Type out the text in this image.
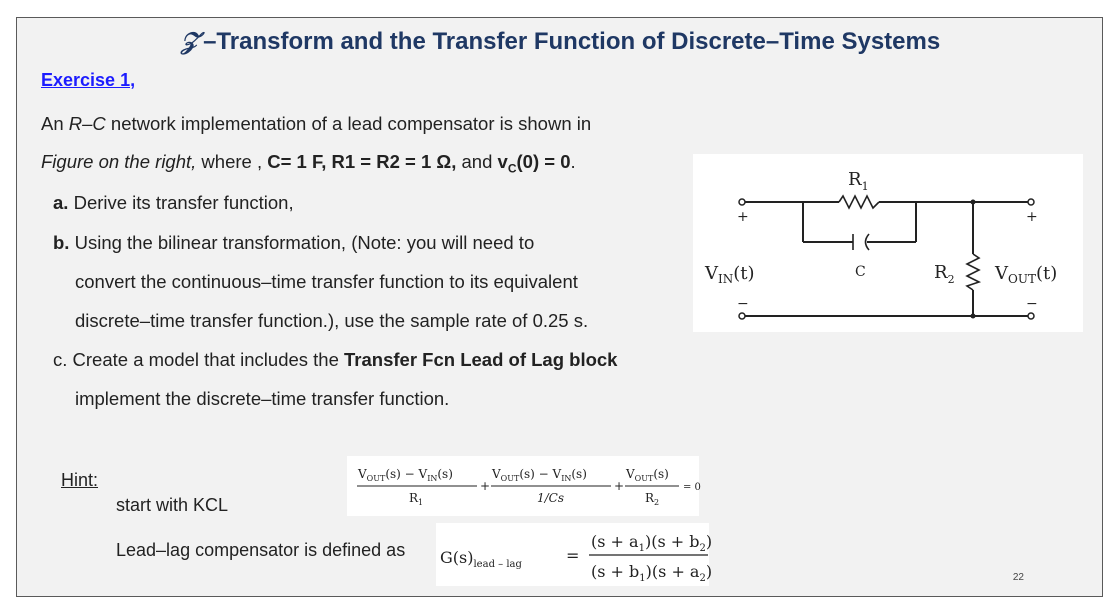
𝒵 –Transform and the Transfer Function of Discrete–Time Systems
Exercise 1,
An R–C network implementation of a lead compensator is shown in
Figure on the right, where , C= 1 F, R1 = R2 = 1 Ω, and $v_C(0) = 0$.
a. Derive its transfer function,
b. Using the bilinear transformation, (Note: you will need to
convert the continuous–time transfer function to its equivalent
discrete–time transfer function.), use the sample rate of 0.25 s.
c. Create a model that includes the Transfer Fcn Lead of Lag block
implement the discrete–time transfer function.
$R_1$
C	$R_2$
$V_{IN}(t)$	$V_{OUT}(t)$
+	+
−	−
Hint:
start with KCL
Lead–lag compensator is defined as
$V_{OUT}(s) - V_{IN}(s)$
$R_1$
+
$V_{OUT}(s) - V_{IN}(s)$
1/Cs
+
$V_{OUT}(s)$
$R_2$
= 0
$G(s)_{lead - lag}$	=
$(s + a_1)(s + b_2)$
$(s + b_1)(s + a_2)$	22
